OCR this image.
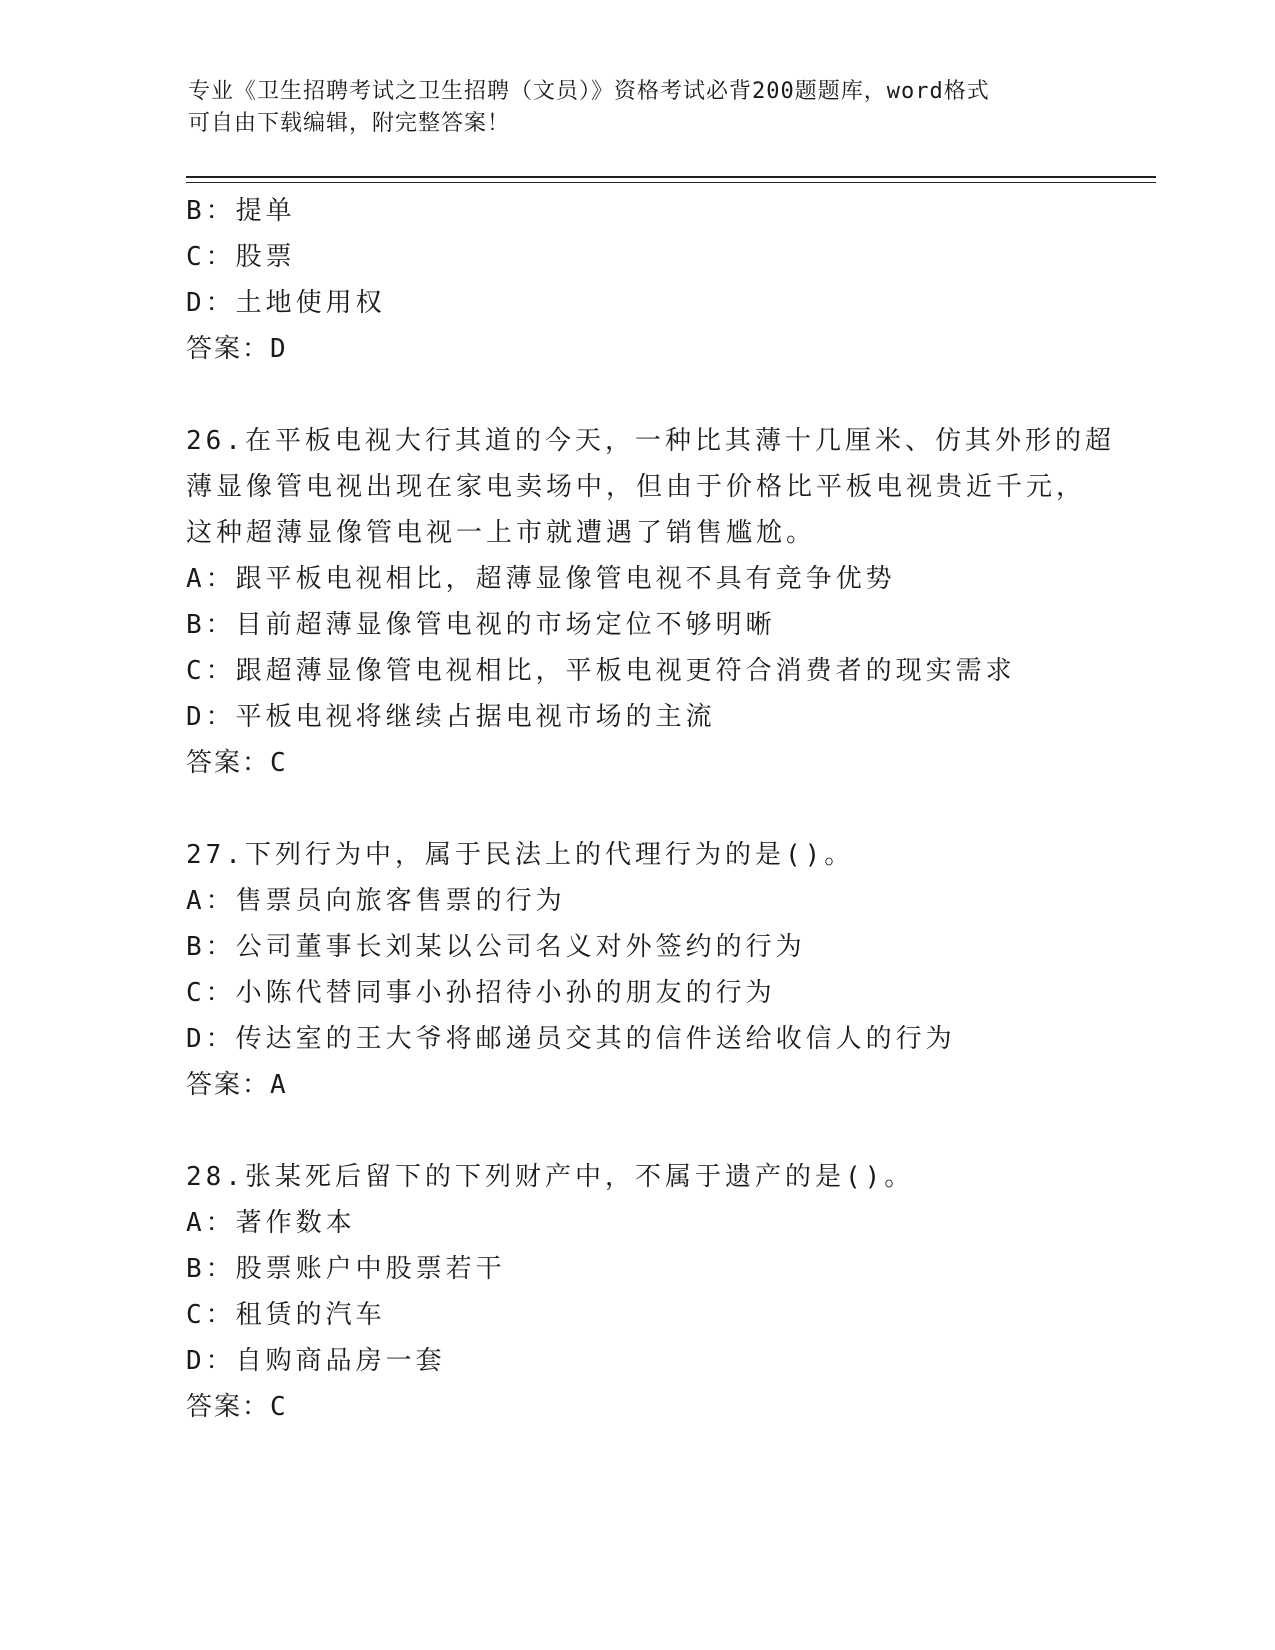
专业《卫生招聘考试之卫生招聘（文员）》资格考试必背200题题库，word格式
可自由下载编辑，附完整答案！
B：提单
C：股票
D：土地使用权
答案：D
26.在平板电视大行其道的今天，一种比其薄十几厘米、仿其外形的超
薄显像管电视出现在家电卖场中，但由于价格比平板电视贵近千元，
这种超薄显像管电视一上市就遭遇了销售尴尬。
A：跟平板电视相比，超薄显像管电视不具有竞争优势
B：目前超薄显像管电视的市场定位不够明晰
C：跟超薄显像管电视相比，平板电视更符合消费者的现实需求
D：平板电视将继续占据电视市场的主流
答案：C
27.下列行为中，属于民法上的代理行为的是()。
A：售票员向旅客售票的行为
B：公司董事长刘某以公司名义对外签约的行为
C：小陈代替同事小孙招待小孙的朋友的行为
D：传达室的王大爷将邮递员交其的信件送给收信人的行为
答案：A
28.张某死后留下的下列财产中，不属于遗产的是()。
A：著作数本
B：股票账户中股票若干
C：租赁的汽车
D：自购商品房一套
答案：C
